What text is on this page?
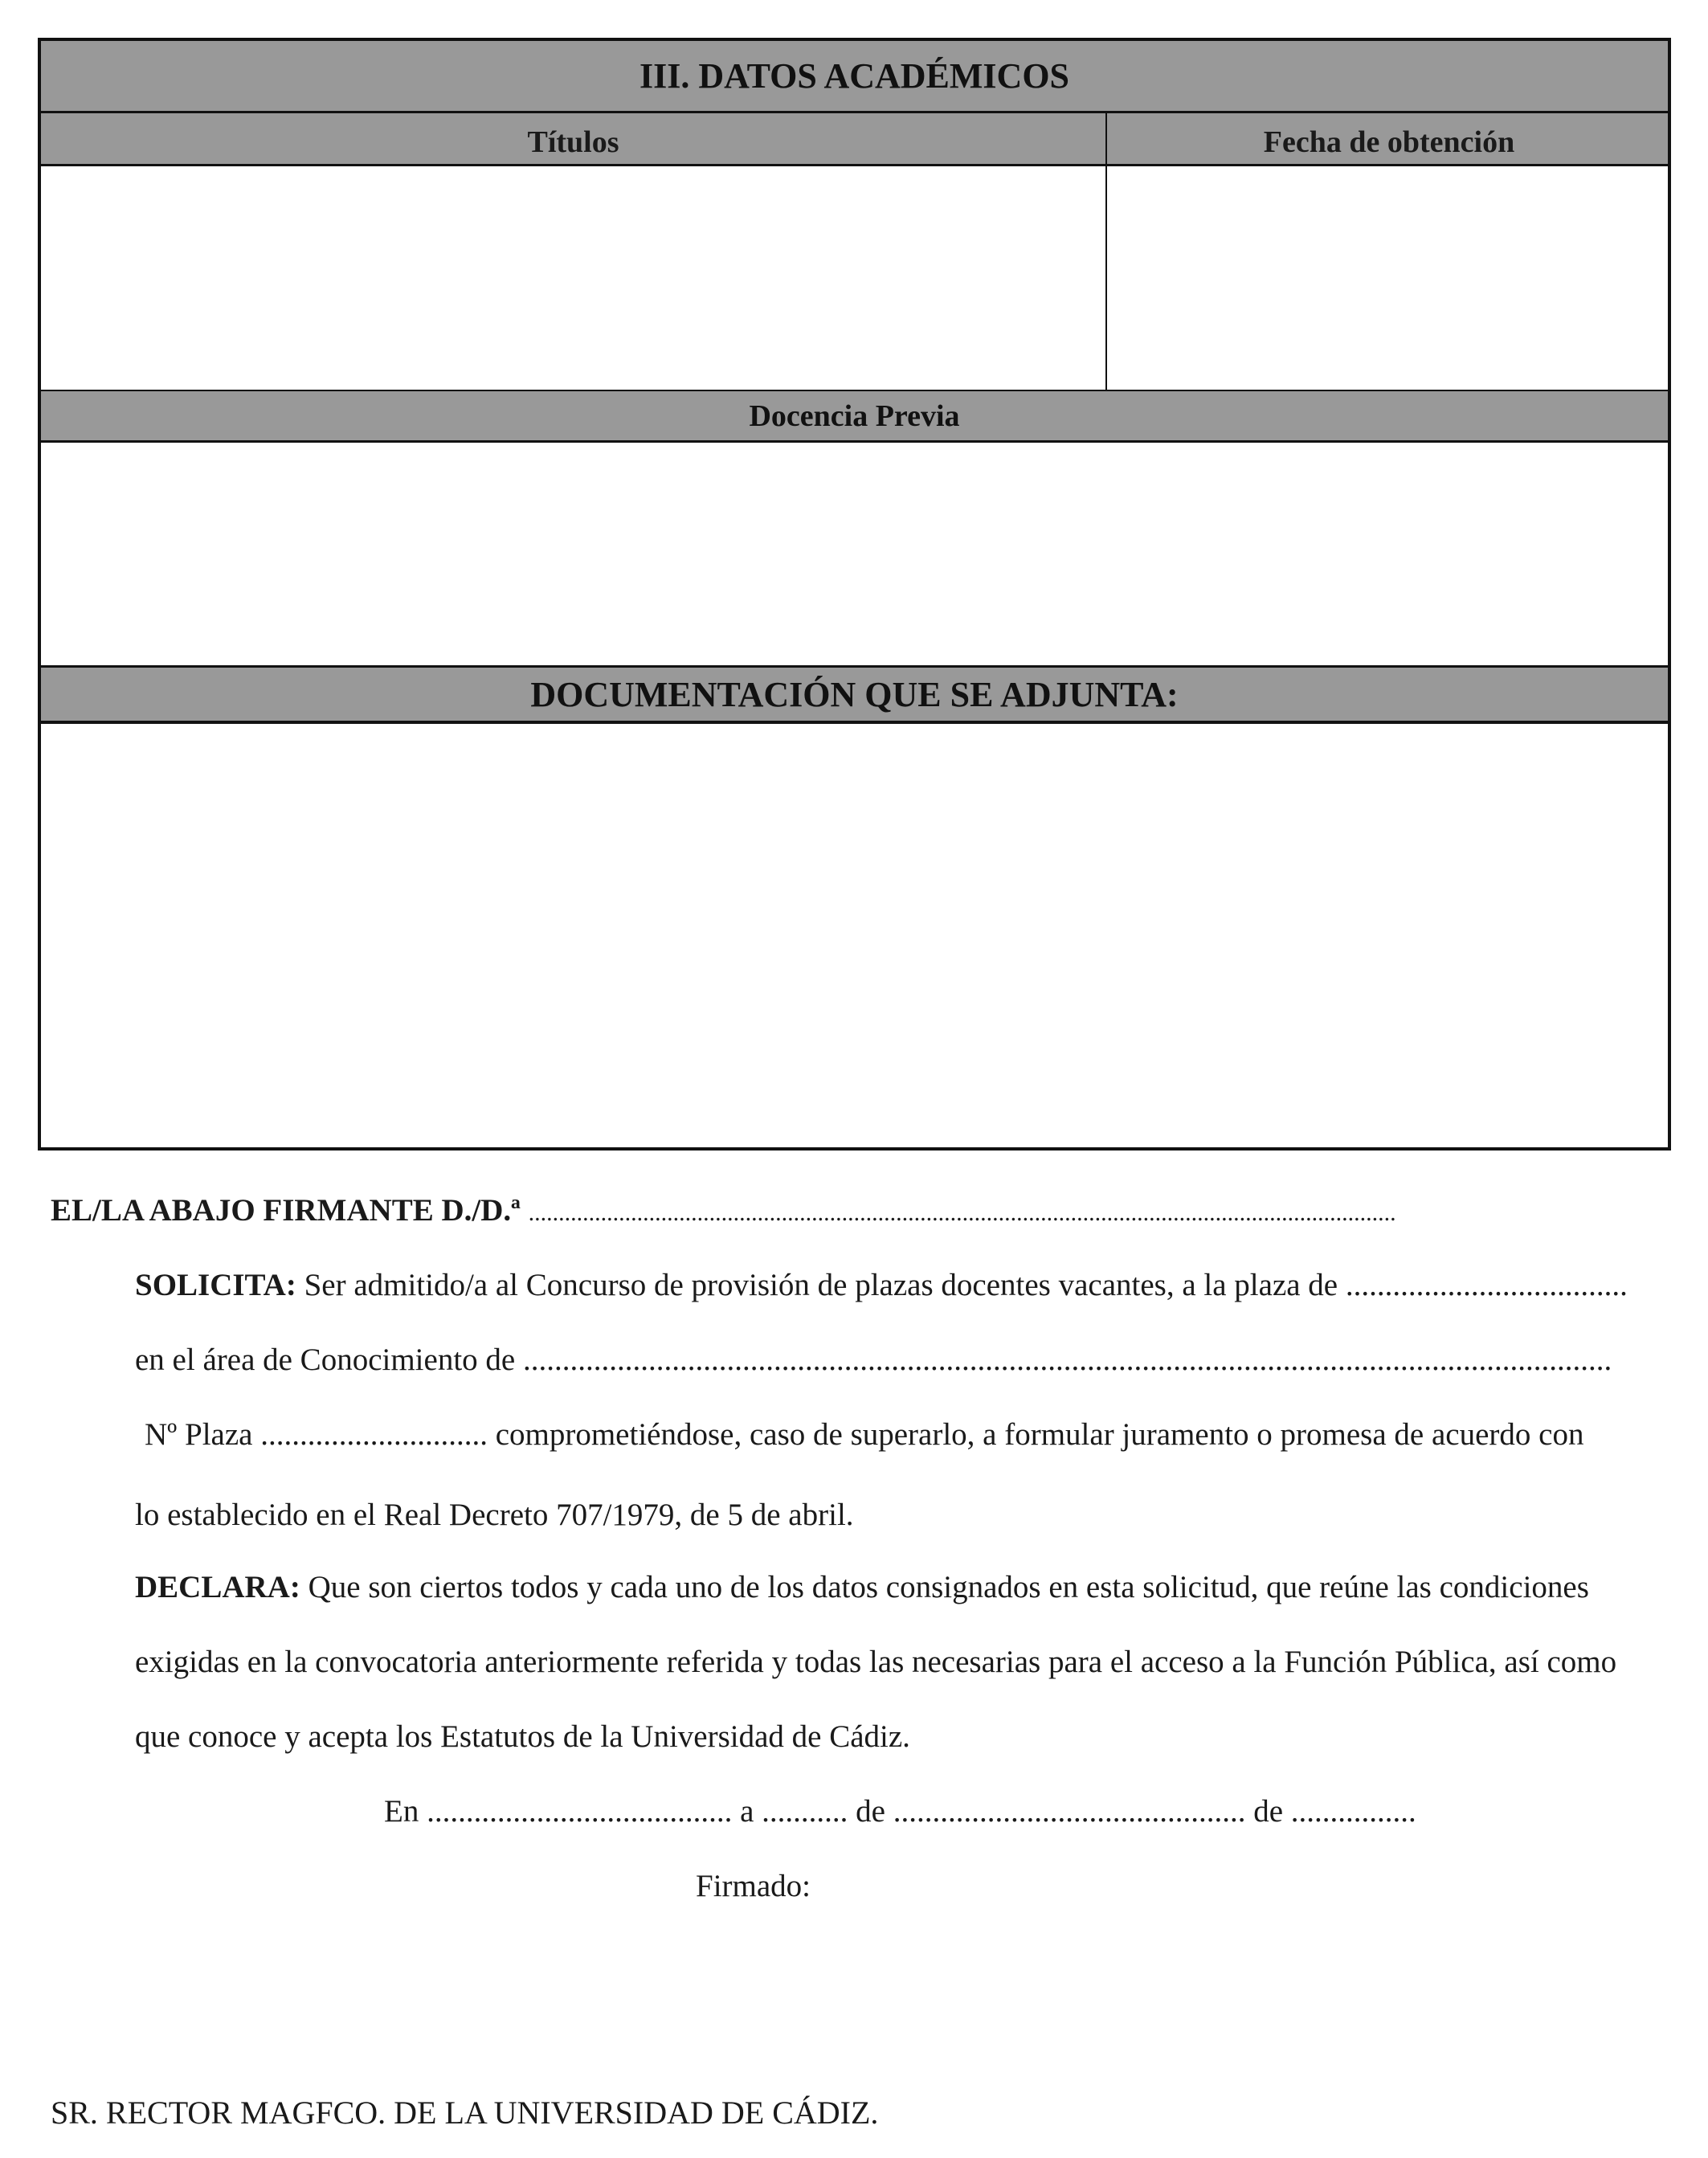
III. DATOS ACADÉMICOS
Títulos	Fecha de obtención
Docencia Previa
DOCUMENTACIÓN QUE SE ADJUNTA:
EL/LA ABAJO FIRMANTE D./D.ª ................................................................................................................................................
SOLICITA: Ser admitido/a al Concurso de provisión de plazas docentes vacantes, a la plaza de ....................................
en el área de Conocimiento de ...........................................................................................................................................
Nº Plaza ............................. comprometiéndose, caso de superarlo, a formular juramento o promesa de acuerdo con
lo establecido en el Real Decreto 707/1979, de 5 de abril.
DECLARA: Que son ciertos todos y cada uno de los datos consignados en esta solicitud, que reúne las condiciones
exigidas en la convocatoria anteriormente referida y todas las necesarias para el acceso a la Función Pública, así como
que conoce y acepta los Estatutos de la Universidad de Cádiz.
En ....................................... a ........... de ............................................. de ................
Firmado:
SR. RECTOR MAGFCO. DE LA UNIVERSIDAD DE CÁDIZ.
